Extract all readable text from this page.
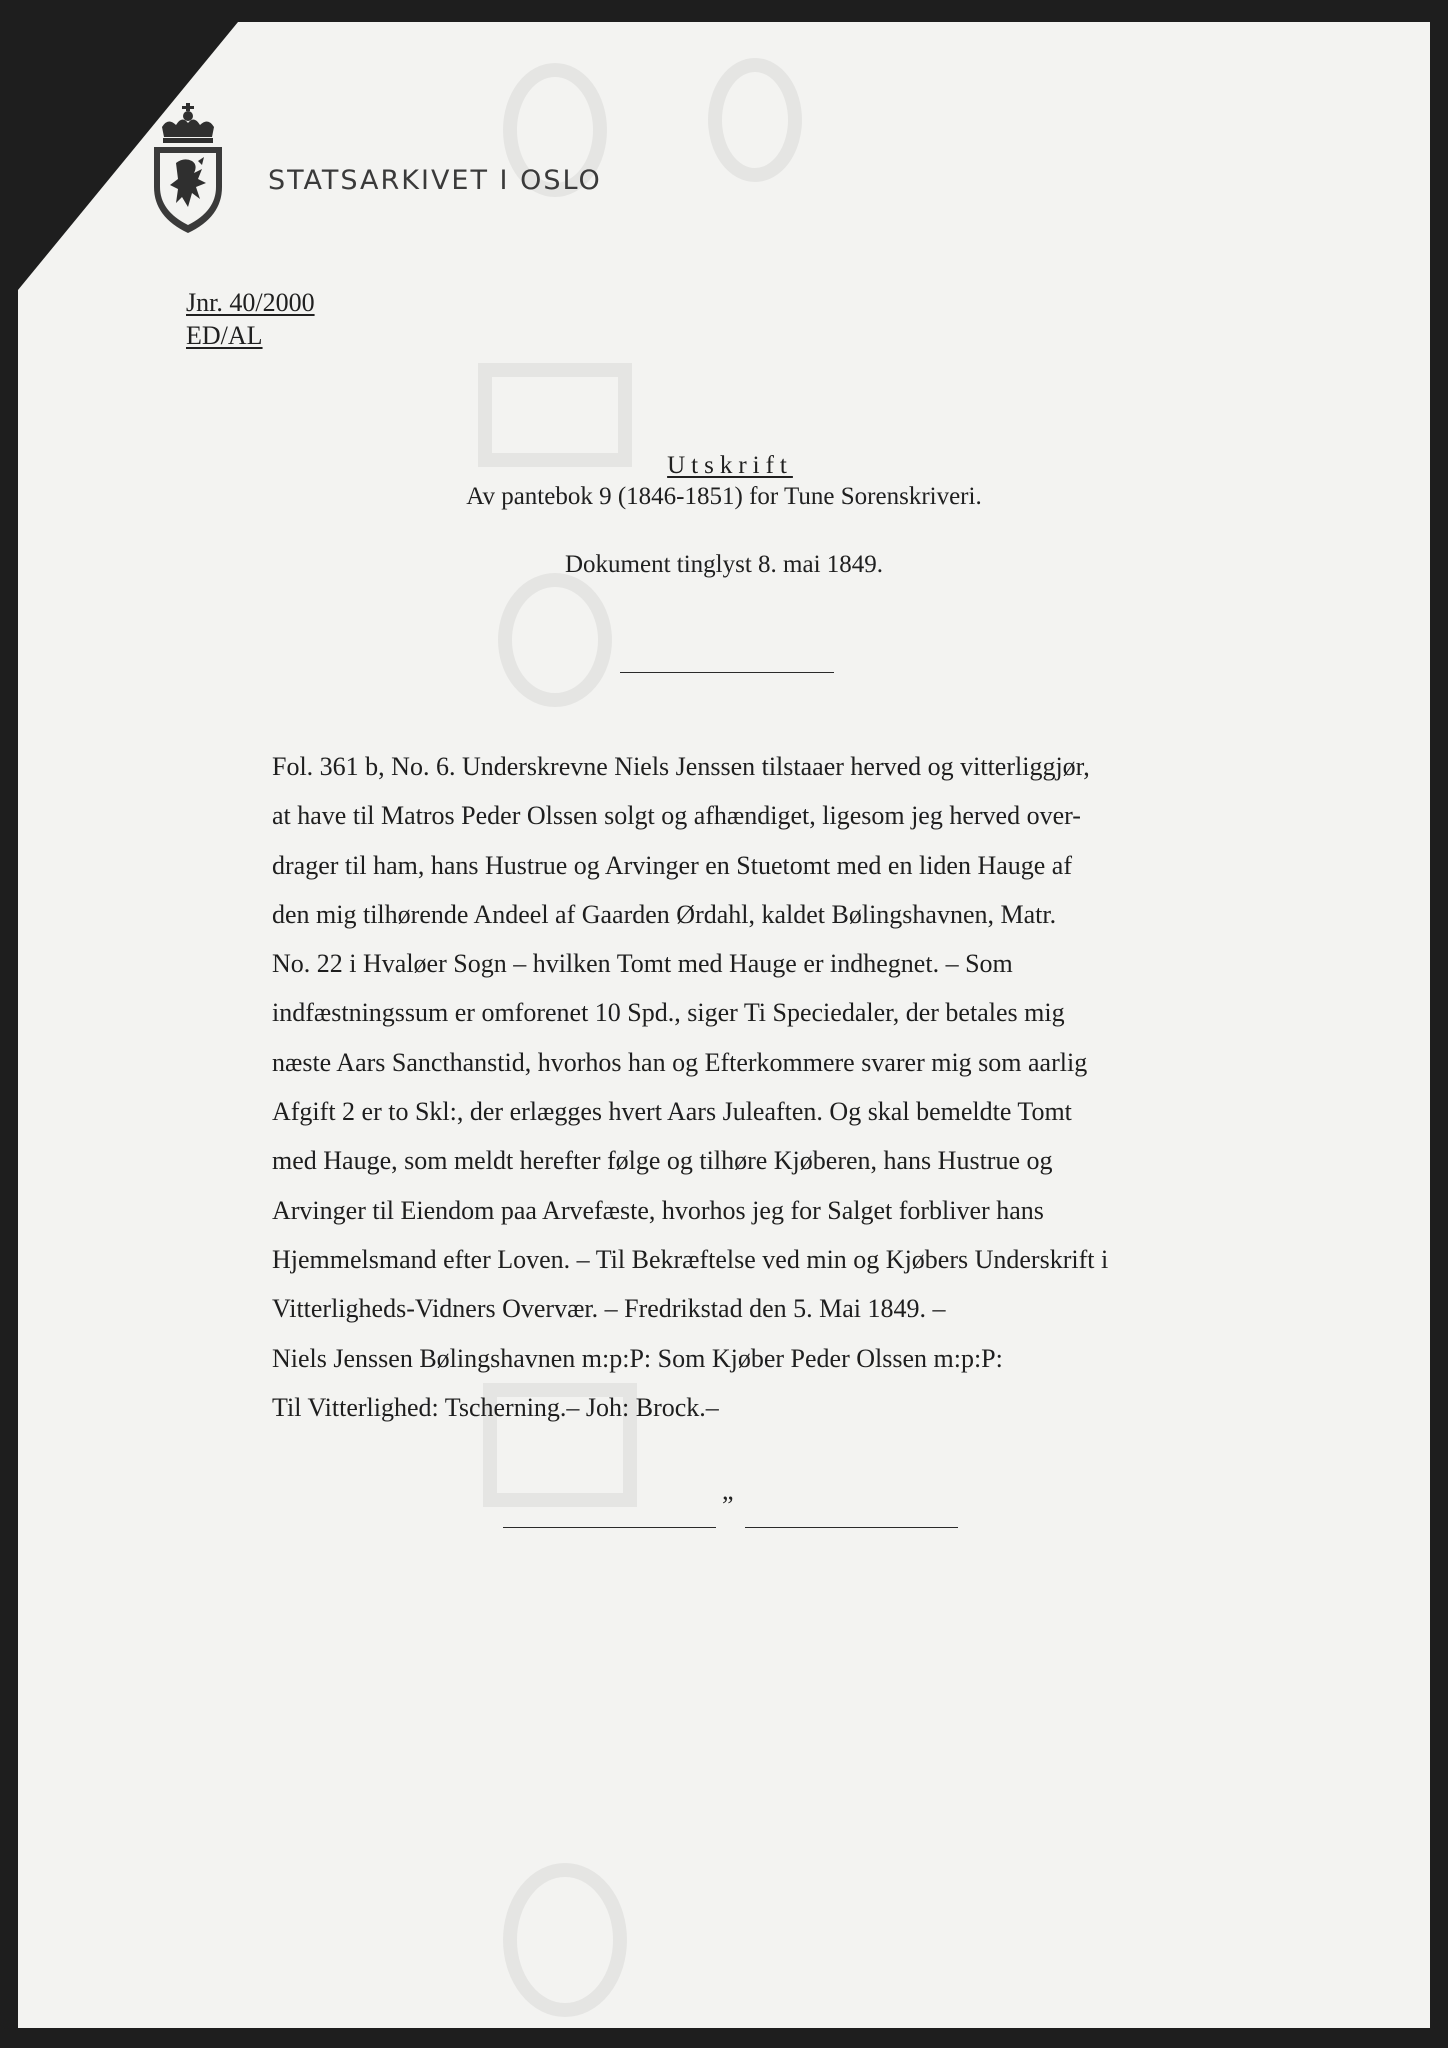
STATSARKIVET I OSLO
Jnr. 40/2000
ED/AL
Utskrift
Av pantebok 9 (1846-1851) for Tune Sorenskriveri.
Dokument tinglyst 8. mai 1849.
Fol. 361 b, No. 6. Underskrevne Niels Jenssen tilstaaer herved og vitterliggjør,
at have til Matros Peder Olssen solgt og afhændiget, ligesom jeg herved over-
drager til ham, hans Hustrue og Arvinger en Stuetomt med en liden Hauge af
den mig tilhørende Andeel af Gaarden Ørdahl, kaldet Bølingshavnen, Matr.
No. 22 i Hvaløer Sogn – hvilken Tomt med Hauge er indhegnet. – Som
indfæstningssum er omforenet 10 Spd., siger Ti Speciedaler, der betales mig
næste Aars Sancthanstid, hvorhos han og Efterkommere svarer mig som aarlig
Afgift 2 er to Skl:, der erlægges hvert Aars Juleaften. Og skal bemeldte Tomt
med Hauge, som meldt herefter følge og tilhøre Kjøberen, hans Hustrue og
Arvinger til Eiendom paa Arvefæste, hvorhos jeg for Salget forbliver hans
Hjemmelsmand efter Loven. – Til Bekræftelse ved min og Kjøbers Underskrift i
Vitterligheds-Vidners Overvær. – Fredrikstad den 5. Mai 1849. –
Niels Jenssen Bølingshavnen m:p:P: Som Kjøber Peder Olssen m:p:P:
Til Vitterlighed: Tscherning.– Joh: Brock.–
”
